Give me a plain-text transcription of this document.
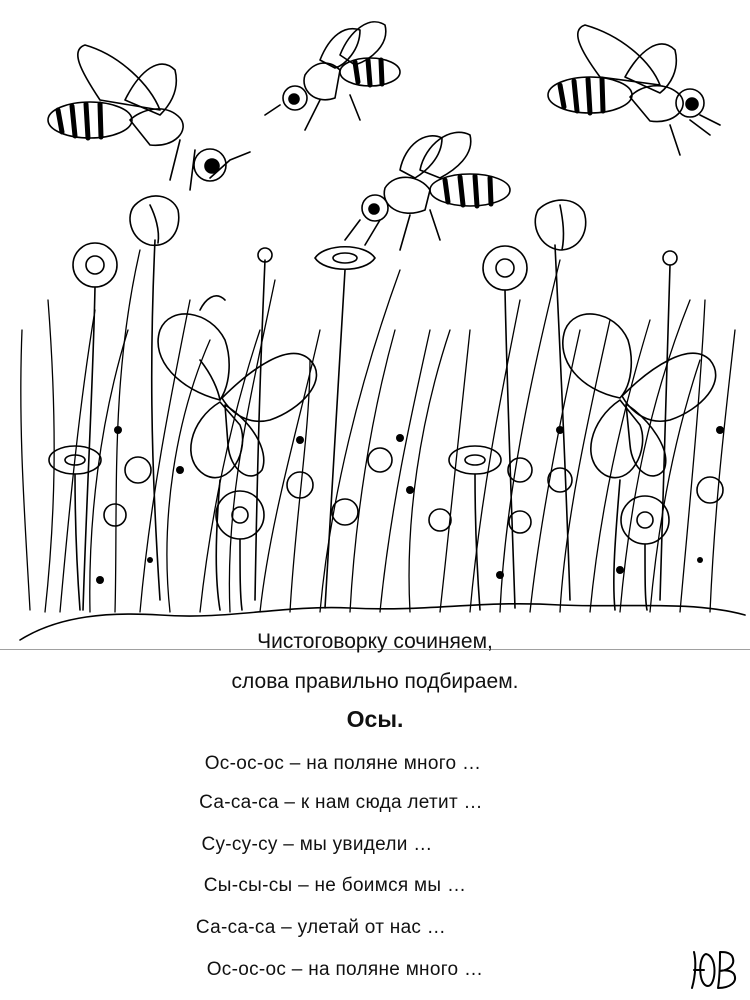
Чистоговорку сочиняем,
слова правильно подбираем.
Осы.
Ос-ос-ос – на поляне много …
Са-са-са – к нам сюда летит …
Су-су-су – мы увидели …
Сы-сы-сы – не боимся мы …
Са-са-са – улетай от нас …
Ос-ос-ос – на поляне много …
